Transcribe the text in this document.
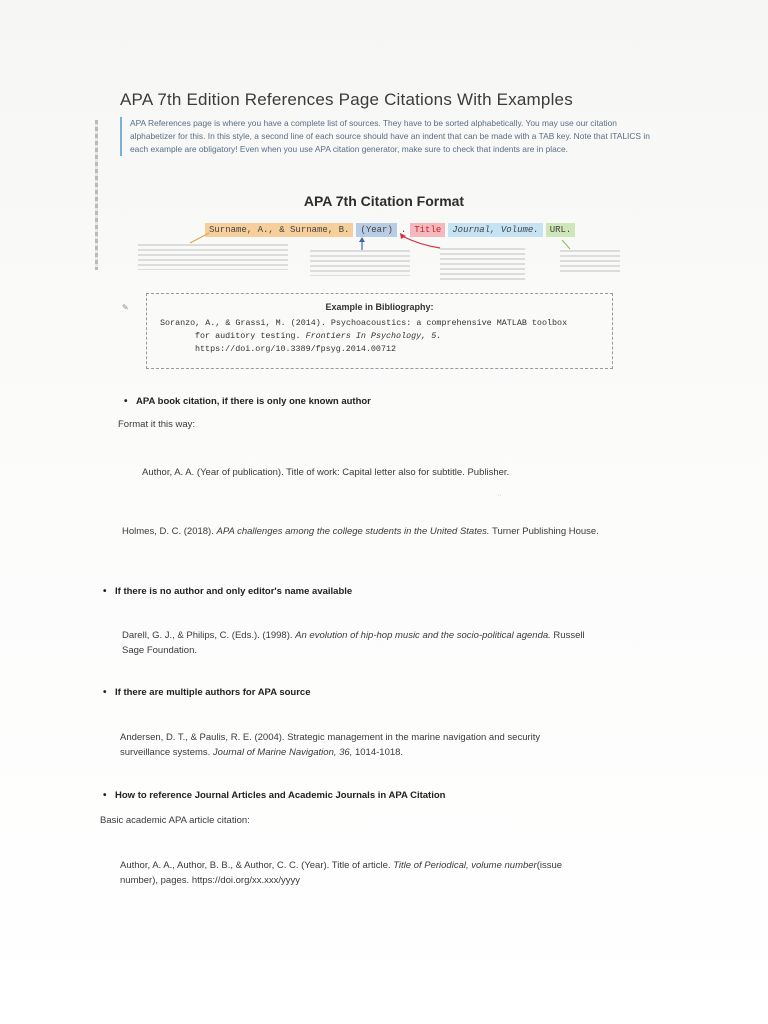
APA 7th Edition References Page Citations With Examples
APA References page is where you have a complete list of sources. They have to be sorted alphabetically. You may use our citation alphabetizer for this. In this style, a second line of each source should have an indent that can be made with a TAB key. Note that ITALICS in each example are obligatory! Even when you use APA citation generator, make sure to check that indents are in place.
APA 7th Citation Format
Surname, A., & Surname, B.	(Year) . Title	Journal, Volume.	URL.
✎	Example in Bibliography:
Soranzo, A., & Grassi, M. (2014). Psychoacoustics: a comprehensive MATLAB toolbox
for auditory testing. Frontiers In Psychology, 5.
https://doi.org/10.3389/fpsyg.2014.00712
• APA book citation, if there is only one known author
Format it this way:
Author, A. A. (Year of publication). Title of work: Capital letter also for subtitle. Publisher.
··
Holmes, D. C. (2018). APA challenges among the college students in the United States. Turner Publishing House.
• If there is no author and only editor's name available
Darell, G. J., & Philips, C. (Eds.). (1998). An evolution of hip-hop music and the socio-political agenda. Russell Sage Foundation.
• If there are multiple authors for APA source
Andersen, D. T., & Paulis, R. E. (2004). Strategic management in the marine navigation and security surveillance systems. Journal of Marine Navigation, 36, 1014-1018.
• How to reference Journal Articles and Academic Journals in APA Citation
Basic academic APA article citation:
Author, A. A., Author, B. B., & Author, C. C. (Year). Title of article. Title of Periodical, volume number(issue number), pages. https://doi.org/xx.xxx/yyyy
